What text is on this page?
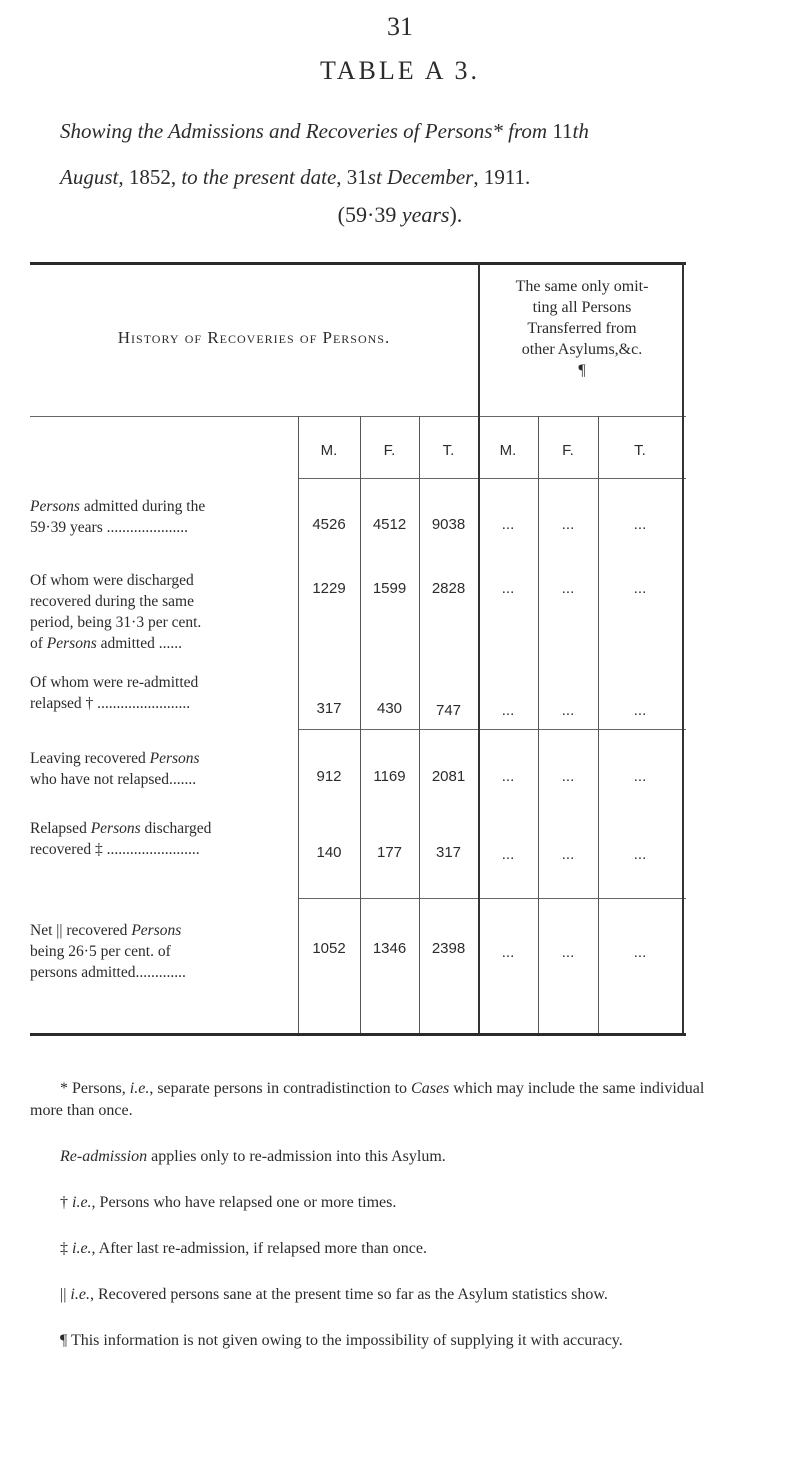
31
TABLE A 3.
Showing the Admissions and Recoveries of Persons* from 11th
August, 1852, to the present date, 31st December, 1911.
(59·39 years).
History of Recoveries of Persons.
The same only omit-
ting all Persons
Transferred from
other Asylums,&c.
¶
M.	F.	T.	M.	F.	T.
Persons admitted during the
59·39 years .....................	4526	4512	9038	...	...	...
Of whom were discharged
recovered during the same
period, being 31·3 per cent.
of Persons admitted ......
1229	1599	2828	...	...	...
Of whom were re-admitted
relapsed † ........................	317	430	747	...	...	...
Leaving recovered Persons
who have not relapsed.......	912	1169	2081	...	...	...
Relapsed Persons discharged
recovered ‡ ........................	140	177	317	...	...	...
Net || recovered Persons
being 26·5 per cent. of
persons admitted.............
1052	1346	2398	...	...	...

* Persons, i.e., separate persons in contradistinction to Cases which may include the same individual more than once.

Re-admission applies only to re-admission into this Asylum.

† i.e., Persons who have relapsed one or more times.

‡ i.e., After last re-admission, if relapsed more than once.

|| i.e., Recovered persons sane at the present time so far as the Asylum statistics show.

¶ This information is not given owing to the impossibility of supplying it with accuracy.
